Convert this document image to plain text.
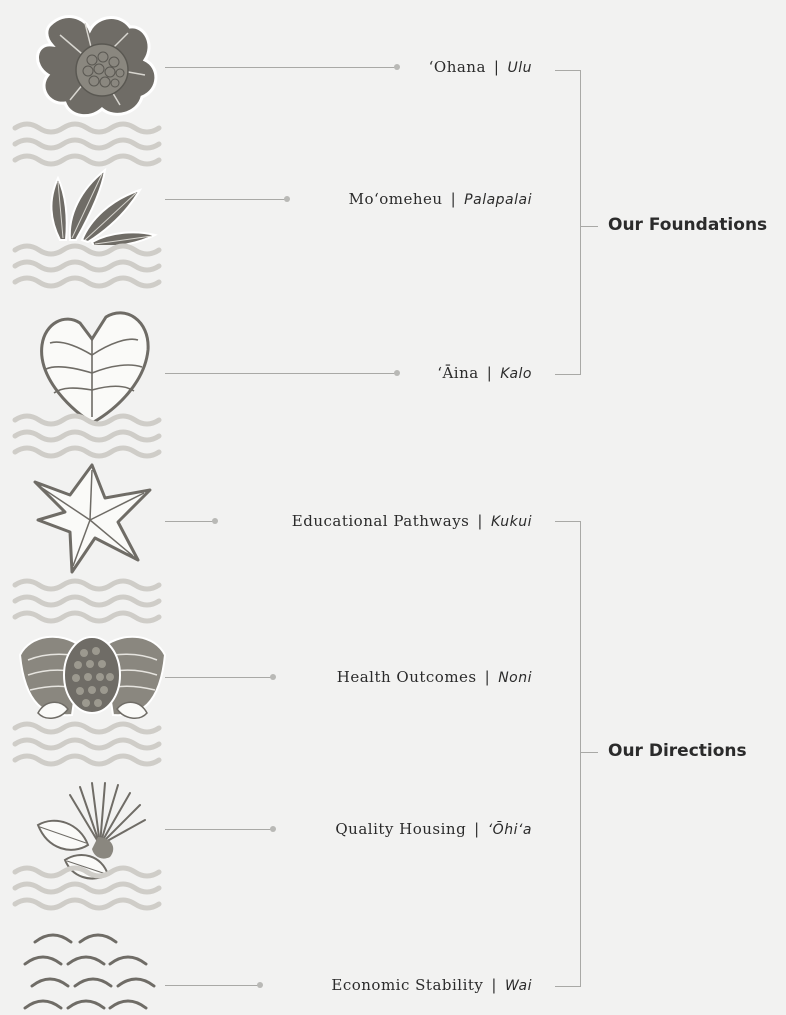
‘Ohana | Ulu
Mo‘omeheu | Palapalai
‘Āina | Kalo
Educational Pathways | Kukui
Health Outcomes | Noni
Quality Housing | ‘Ōhi‘a
Economic Stability | Wai
Our Foundations
Our Directions
